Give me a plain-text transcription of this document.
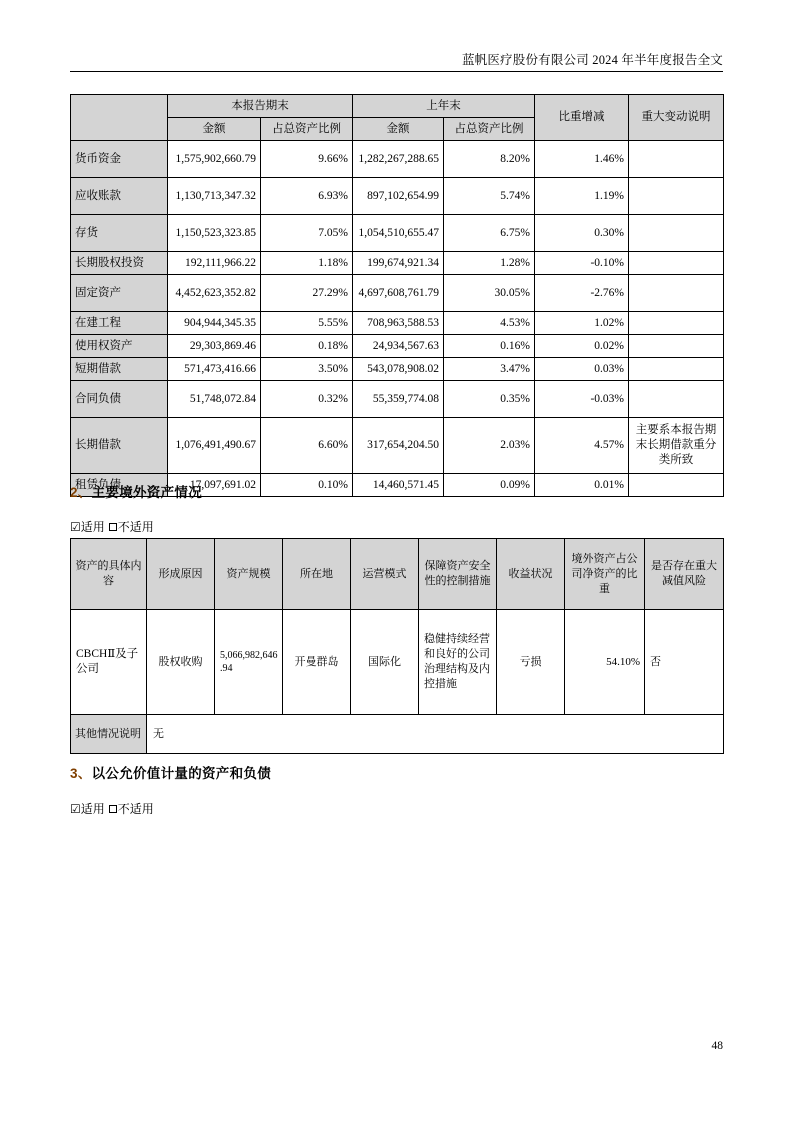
蓝帆医疗股份有限公司 2024 年半年度报告全文
	本报告期末		上年末		比重增减	重大变动说明
	金额	占总资产比例	金额	占总资产比例		
货币资金	1,575,902,660.79	9.66%	1,282,267,288.65	8.20%	1.46%	
应收账款	1,130,713,347.32	6.93%	897,102,654.99	5.74%	1.19%	
存货	1,150,523,323.85	7.05%	1,054,510,655.47	6.75%	0.30%	
长期股权投资	192,111,966.22	1.18%	199,674,921.34	1.28%	-0.10%	
固定资产	4,452,623,352.82	27.29%	4,697,608,761.79	30.05%	-2.76%	
在建工程	904,944,345.35	5.55%	708,963,588.53	4.53%	1.02%	
使用权资产	29,303,869.46	0.18%	24,934,567.63	0.16%	0.02%	
短期借款	571,473,416.66	3.50%	543,078,908.02	3.47%	0.03%	
合同负债	51,748,072.84	0.32%	55,359,774.08	0.35%	-0.03%	
长期借款	1,076,491,490.67	6.60%	317,654,204.50	2.03%	4.57%	主要系本报告期末长期借款重分类所致
租赁负债	17,097,691.02	0.10%	14,460,571.45	0.09%	0.01%	
2、主要境外资产情况
☑适用 不适用
资产的具体内容	形成原因	资产规模	所在地	运营模式	保障资产安全性的控制措施	收益状况	境外资产占公司净资产的比重	是否存在重大减值风险
CBCHⅡ及子公司	股权收购	5,066,982,646.94	开曼群岛	国际化	稳健持续经营和良好的公司治理结构及内控措施	亏损	54.10%	否
其他情况说明	无							
3、以公允价值计量的资产和负债
☑适用 不适用
48
